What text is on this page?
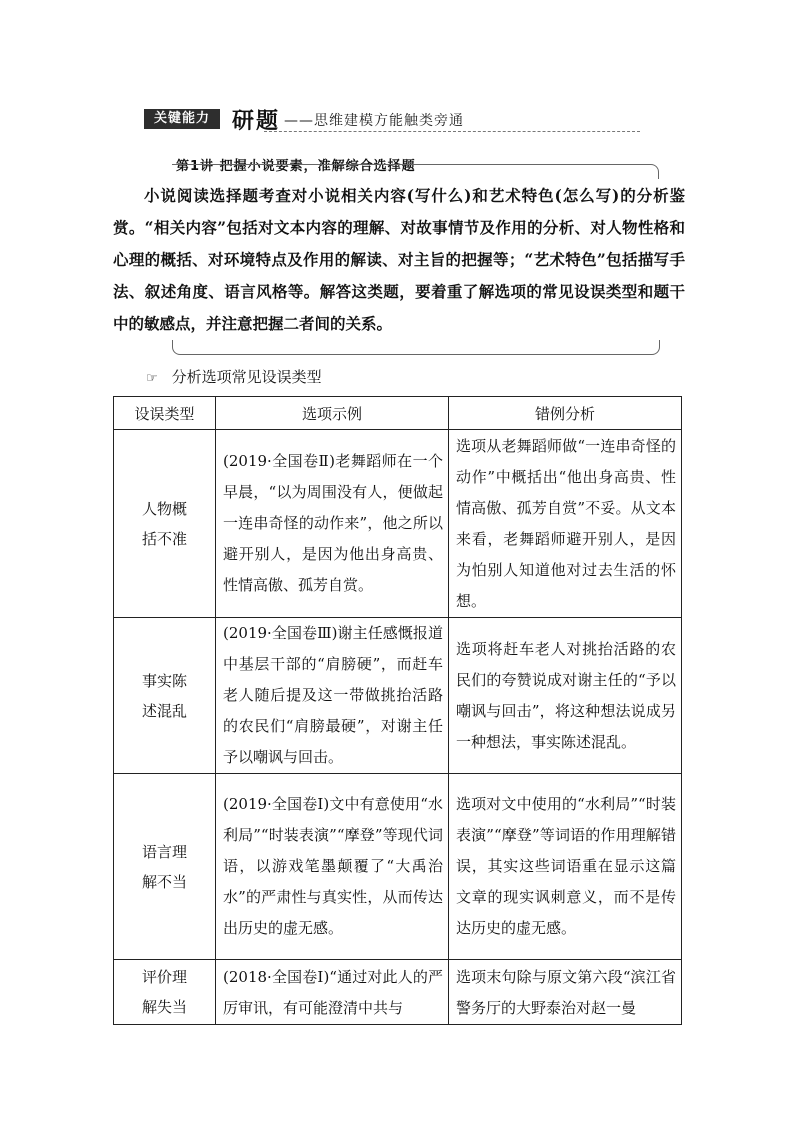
关键能力	研题 ——思维建模方能触类旁通
第1讲 把握小说要素，准解综合选择题
小说阅读选择题考查对小说相关内容(写什么)和艺术特色(怎么写)的分析鉴赏。“相关内容”包括对文本内容的理解、对故事情节及作用的分析、对人物性格和心理的概括、对环境特点及作用的解读、对主旨的把握等；“艺术特色”包括描写手法、叙述角度、语言风格等。解答这类题，要着重了解选项的常见设误类型和题干中的敏感点，并注意把握二者间的关系。
☞ 分析选项常见设误类型
设误类型	选项示例	错例分析
人物概括不准	(2019·全国卷Ⅱ)老舞蹈师在一个早晨，“以为周围没有人，便做起一连串奇怪的动作来”，他之所以避开别人，是因为他出身高贵、性情高傲、孤芳自赏。	选项从老舞蹈师做“一连串奇怪的动作”中概括出“他出身高贵、性情高傲、孤芳自赏”不妥。从文本来看，老舞蹈师避开别人，是因为怕别人知道他对过去生活的怀想。
事实陈述混乱	(2019·全国卷Ⅲ)谢主任感慨报道中基层干部的“肩膀硬”，而赶车老人随后提及这一带做挑抬活路的农民们“肩膀最硬”，对谢主任予以嘲讽与回击。	选项将赶车老人对挑抬活路的农民们的夸赞说成对谢主任的“予以嘲讽与回击”，将这种想法说成另一种想法，事实陈述混乱。
语言理解不当	(2019·全国卷Ⅰ)文中有意使用“水利局”“时装表演”“摩登”等现代词语，以游戏笔墨颠覆了“大禹治水”的严肃性与真实性，从而传达出历史的虚无感。	选项对文中使用的“水利局”“时装表演”“摩登”等词语的作用理解错误，其实这些词语重在显示这篇文章的现实讽刺意义，而不是传达历史的虚无感。
评价理解失当	(2018·全国卷Ⅰ)“通过对此人的严厉审讯，有可能澄清中共与	选项末句除与原文第六段“滨江省警务厅的大野泰治对赵一曼
